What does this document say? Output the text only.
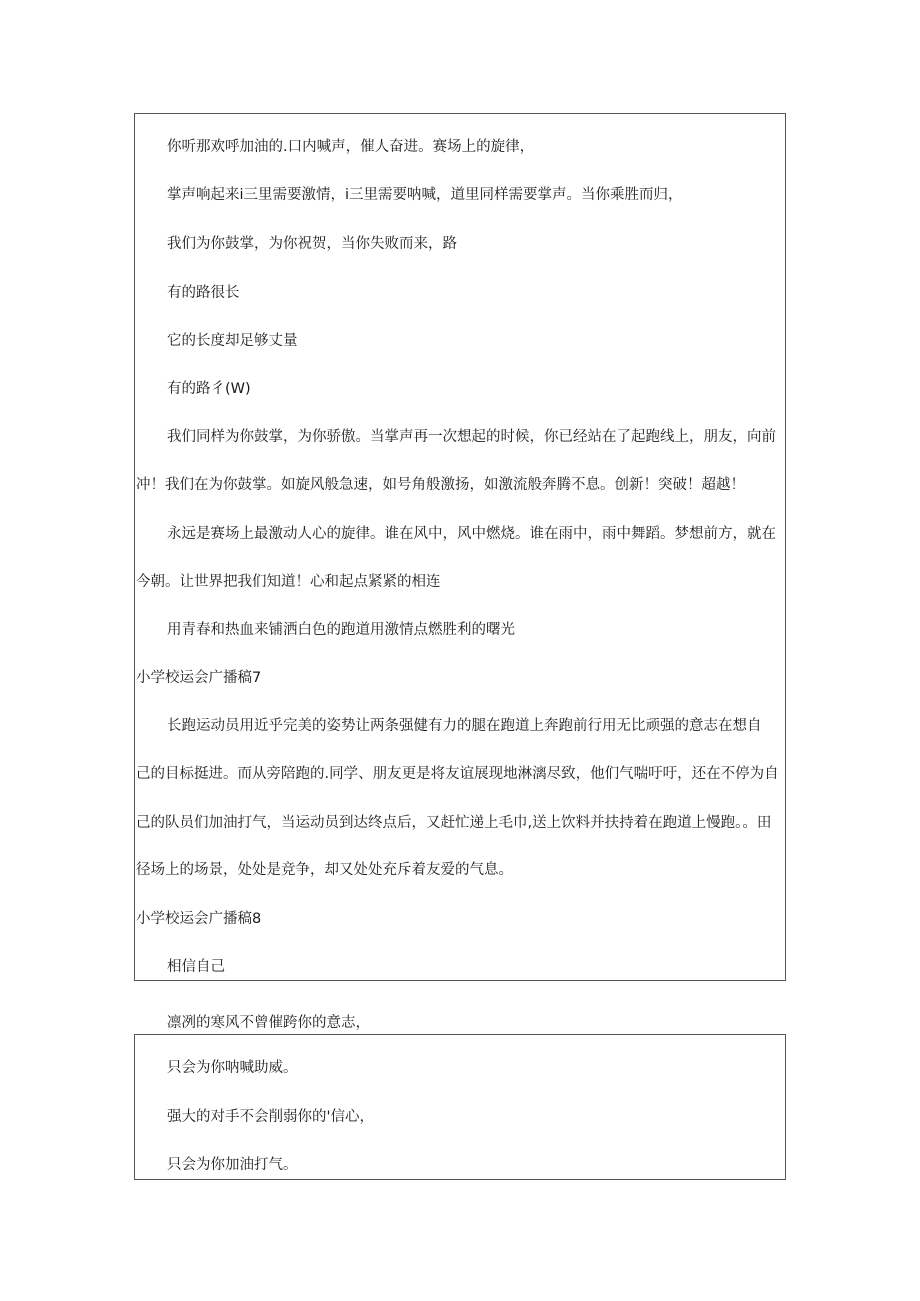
你听那欢呼加油的.口内喊声，催人奋进。赛场上的旋律，
掌声响起来i三里需要激情，i三里需要呐喊，道里同样需要掌声。当你乘胜而归，
我们为你鼓掌，为你祝贺，当你失败而来，路
有的路很长
它的长度却足够丈量
有的路彳(W)
我们同样为你鼓掌，为你骄傲。当掌声再一次想起的时候，你已经站在了起跑线上，朋友，向前
冲！我们在为你鼓掌。如旋风般急速，如号角般激扬，如激流般奔腾不息。创新！突破！超越！
永远是赛场上最激动人心的旋律。谁在风中，风中燃烧。谁在雨中，雨中舞蹈。梦想前方，就在
今朝。让世界把我们知道！心和起点紧紧的相连
用青春和热血来铺洒白色的跑道用激情点燃胜利的曙光
小学校运会广播稿7
长跑运动员用近乎完美的姿势让两条强健有力的腿在跑道上奔跑前行用无比顽强的意志在想自
己的目标挺进。而从旁陪跑的.同学、朋友更是将友谊展现地淋漓尽致，他们气喘吁吁，还在不停为自
己的队员们加油打气，当运动员到达终点后，又赶忙递上毛巾,送上饮料并扶持着在跑道上慢跑。。田
径场上的场景，处处是竞争，却又处处充斥着友爱的气息。
小学校运会广播稿8
相信自己
凛冽的寒风不曾催跨你的意志，
只会为你呐喊助威。
强大的对手不会削弱你的'信心，
只会为你加油打气。
